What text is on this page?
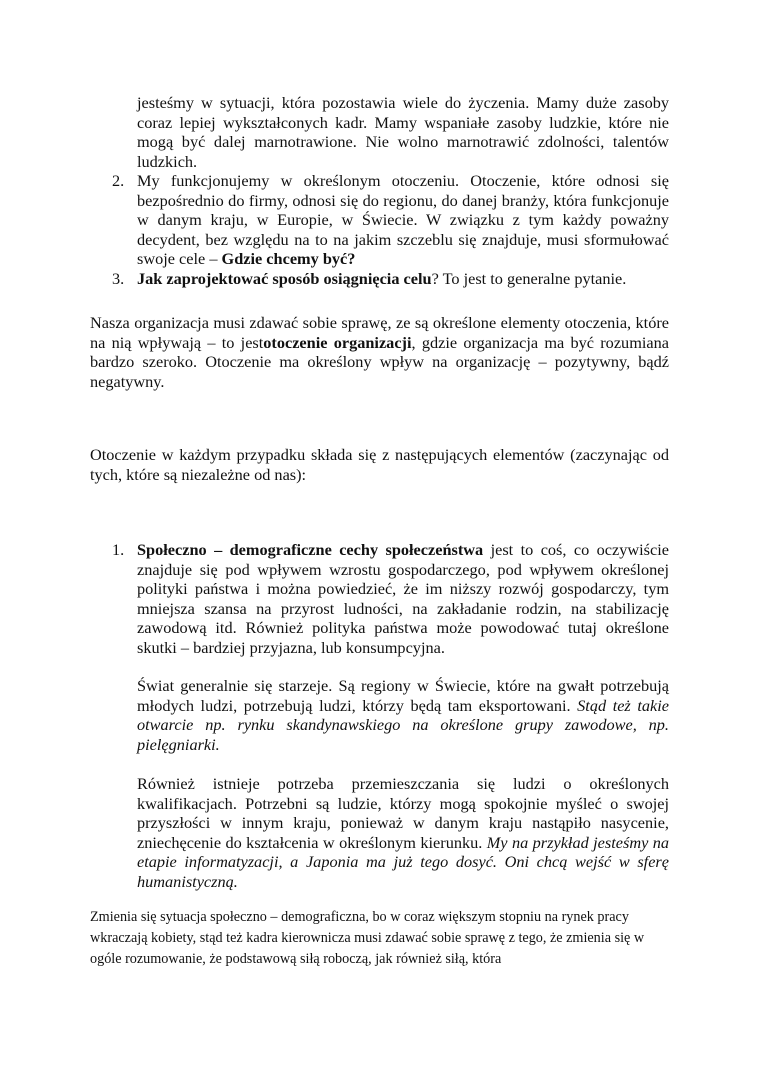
jesteśmy w sytuacji, która pozostawia wiele do życzenia. Mamy duże zasoby coraz lepiej wykształconych kadr. Mamy wspaniałe zasoby ludzkie, które nie mogą być dalej marnotrawione. Nie wolno marnotrawić zdolności, talentów ludzkich.

2. My funkcjonujemy w określonym otoczeniu. Otoczenie, które odnosi się bezpośrednio do firmy, odnosi się do regionu, do danej branży, która funkcjonuje w danym kraju, w Europie, w Świecie. W związku z tym każdy poważny decydent, bez względu na to na jakim szczeblu się znajduje, musi sformułować swoje cele – Gdzie chcemy być?

3. Jak zaprojektować sposób osiągnięcia celu? To jest to generalne pytanie.

Nasza organizacja musi zdawać sobie sprawę, ze są określone elementy otoczenia, które na nią wpływają – to jestotoczenie organizacji, gdzie organizacja ma być rozumiana bardzo szeroko. Otoczenie ma określony wpływ na organizację – pozytywny, bądź negatywny.

Otoczenie w każdym przypadku składa się z następujących elementów (zaczynając od tych, które są niezależne od nas):

1. Społeczno – demograficzne cechy społeczeństwa jest to coś, co oczywiście znajduje się pod wpływem wzrostu gospodarczego, pod wpływem określonej polityki państwa i można powiedzieć, że im niższy rozwój gospodarczy, tym mniejsza szansa na przyrost ludności, na zakładanie rodzin, na stabilizację zawodową itd. Również polityka państwa może powodować tutaj określone skutki – bardziej przyjazna, lub konsumpcyjna.

Świat generalnie się starzeje. Są regiony w Świecie, które na gwałt potrzebują młodych ludzi, potrzebują ludzi, którzy będą tam eksportowani. Stąd też takie otwarcie np. rynku skandynawskiego na określone grupy zawodowe, np. pielęgniarki.

Również istnieje potrzeba przemieszczania się ludzi o określonych kwalifikacjach. Potrzebni są ludzie, którzy mogą spokojnie myśleć o swojej przyszłości w innym kraju, ponieważ w danym kraju nastąpiło nasycenie, zniechęcenie do kształcenia w określonym kierunku. My na przykład jesteśmy na etapie informatyzacji, a Japonia ma już tego dosyć. Oni chcą wejść w sferę humanistyczną.

Zmienia się sytuacja społeczno – demograficzna, bo w coraz większym stopniu na rynek pracy wkraczają kobiety, stąd też kadra kierownicza musi zdawać sobie sprawę z tego, że zmienia się w ogóle rozumowanie, że podstawową siłą roboczą, jak również siłą, która
